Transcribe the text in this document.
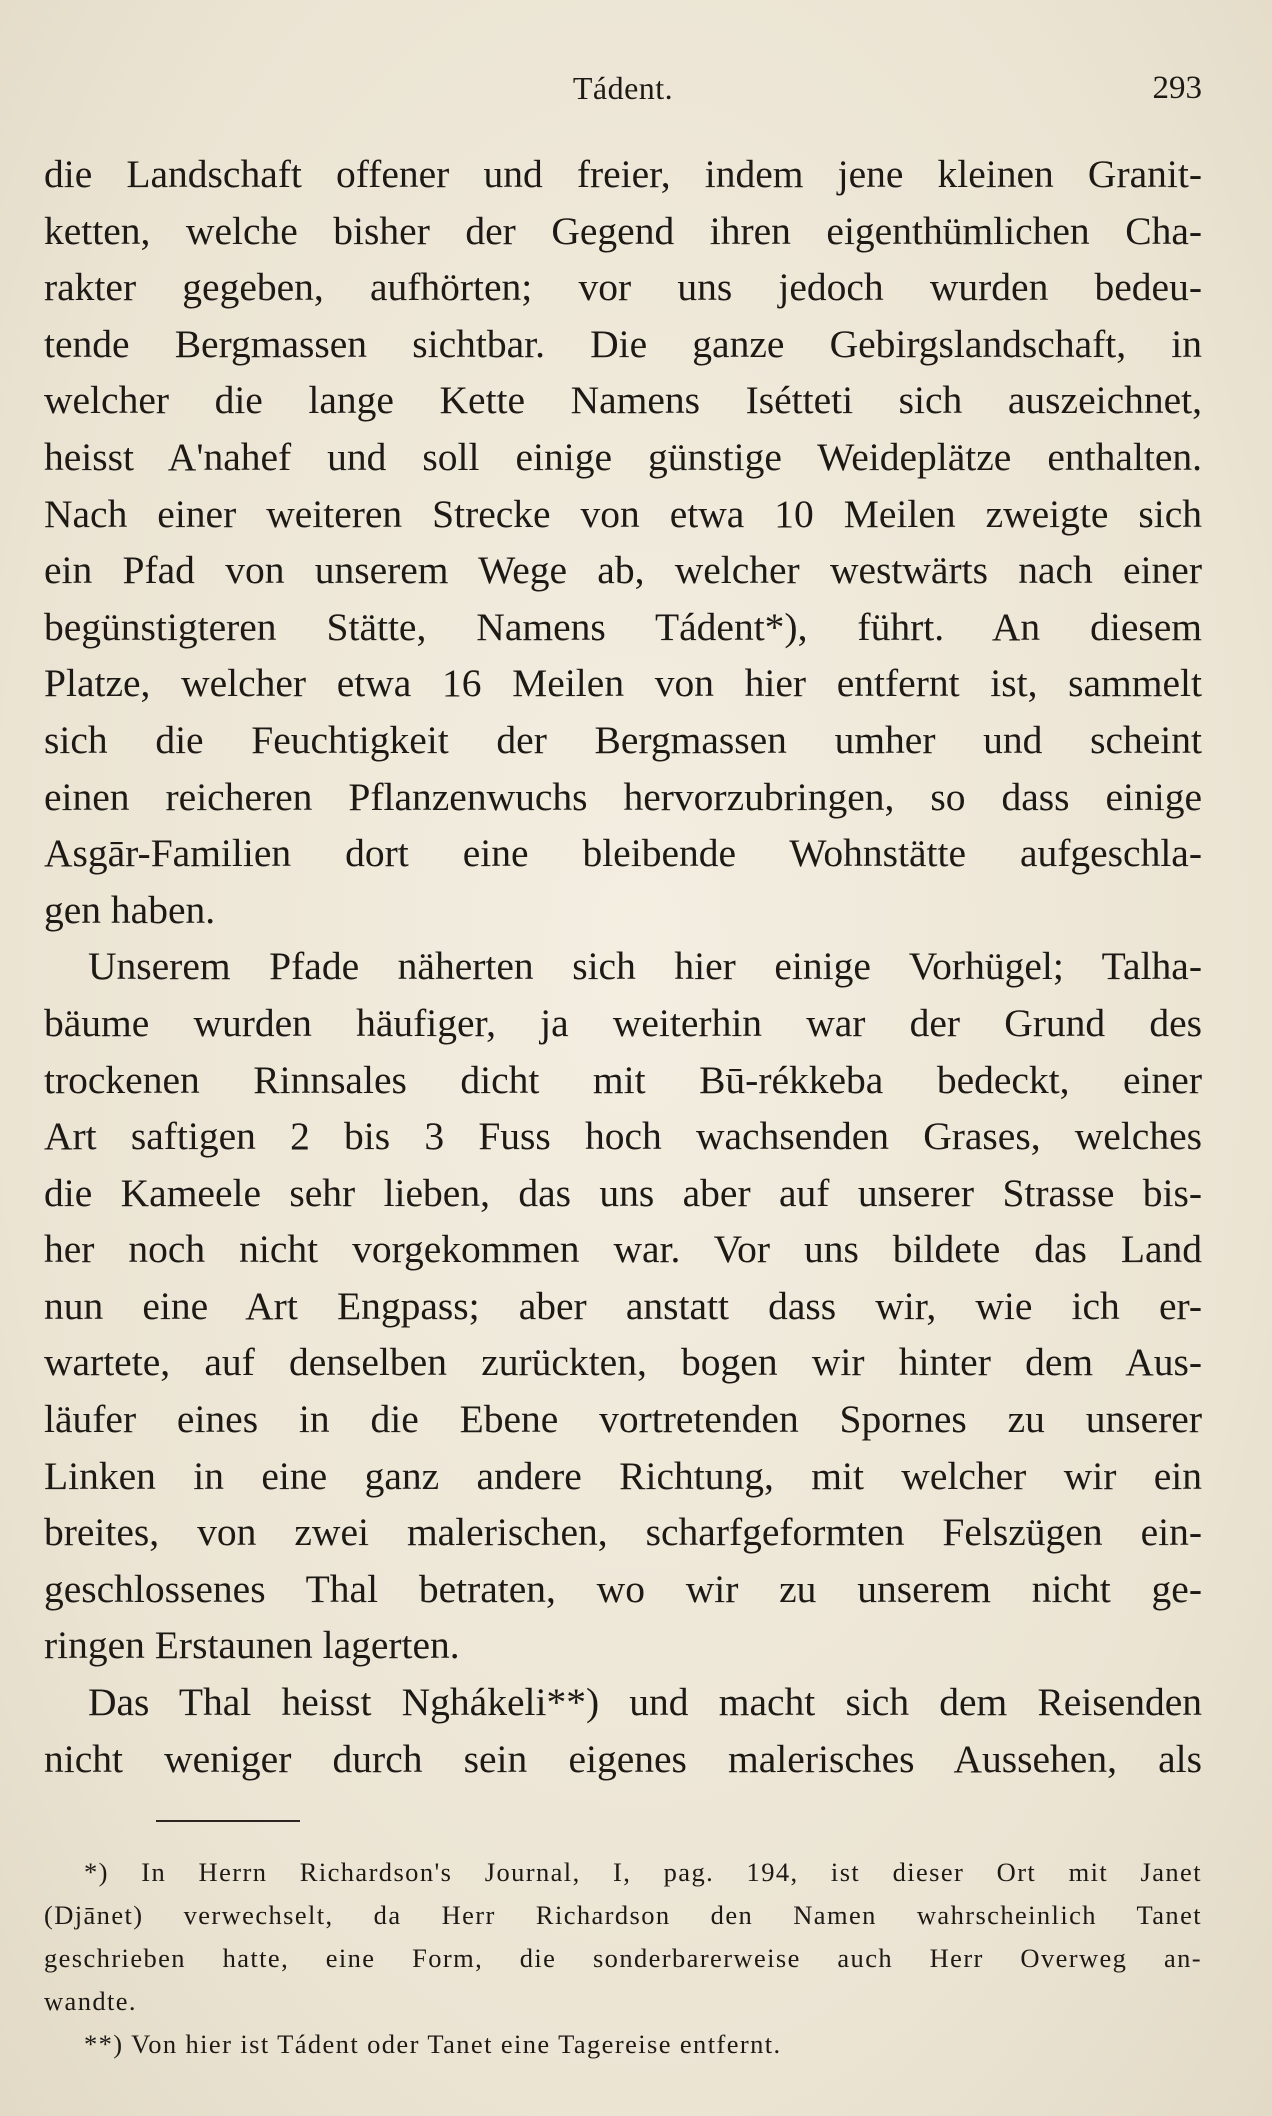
Tádent.	293
die Landschaft offener und freier, indem jene kleinen Granit-
ketten, welche bisher der Gegend ihren eigenthümlichen Cha-
rakter gegeben, aufhörten; vor uns jedoch wurden bedeu-
tende Bergmassen sichtbar. Die ganze Gebirgslandschaft, in
welcher die lange Kette Namens Isétteti sich auszeichnet,
heisst A'nahef und soll einige günstige Weideplätze enthalten.
Nach einer weiteren Strecke von etwa 10 Meilen zweigte sich
ein Pfad von unserem Wege ab, welcher westwärts nach einer
begünstigteren Stätte, Namens Tádent*), führt. An diesem
Platze, welcher etwa 16 Meilen von hier entfernt ist, sammelt
sich die Feuchtigkeit der Bergmassen umher und scheint
einen reicheren Pflanzenwuchs hervorzubringen, so dass einige
Asgār-Familien dort eine bleibende Wohnstätte aufgeschla-
gen haben.
Unserem Pfade näherten sich hier einige Vorhügel; Talha-
bäume wurden häufiger, ja weiterhin war der Grund des
trockenen Rinnsales dicht mit Bū-rékkeba bedeckt, einer
Art saftigen 2 bis 3 Fuss hoch wachsenden Grases, welches
die Kameele sehr lieben, das uns aber auf unserer Strasse bis-
her noch nicht vorgekommen war. Vor uns bildete das Land
nun eine Art Engpass; aber anstatt dass wir, wie ich er-
wartete, auf denselben zurückten, bogen wir hinter dem Aus-
läufer eines in die Ebene vortretenden Spornes zu unserer
Linken in eine ganz andere Richtung, mit welcher wir ein
breites, von zwei malerischen, scharfgeformten Felszügen ein-
geschlossenes Thal betraten, wo wir zu unserem nicht ge-
ringen Erstaunen lagerten.
Das Thal heisst Nghákeli**) und macht sich dem Reisenden
nicht weniger durch sein eigenes malerisches Aussehen, als
*) In Herrn Richardson's Journal, I, pag. 194, ist dieser Ort mit Janet
(Djānet) verwechselt, da Herr Richardson den Namen wahrscheinlich Tanet
geschrieben hatte, eine Form, die sonderbarerweise auch Herr Overweg an-
wandte.
**) Von hier ist Tádent oder Tanet eine Tagereise entfernt.
